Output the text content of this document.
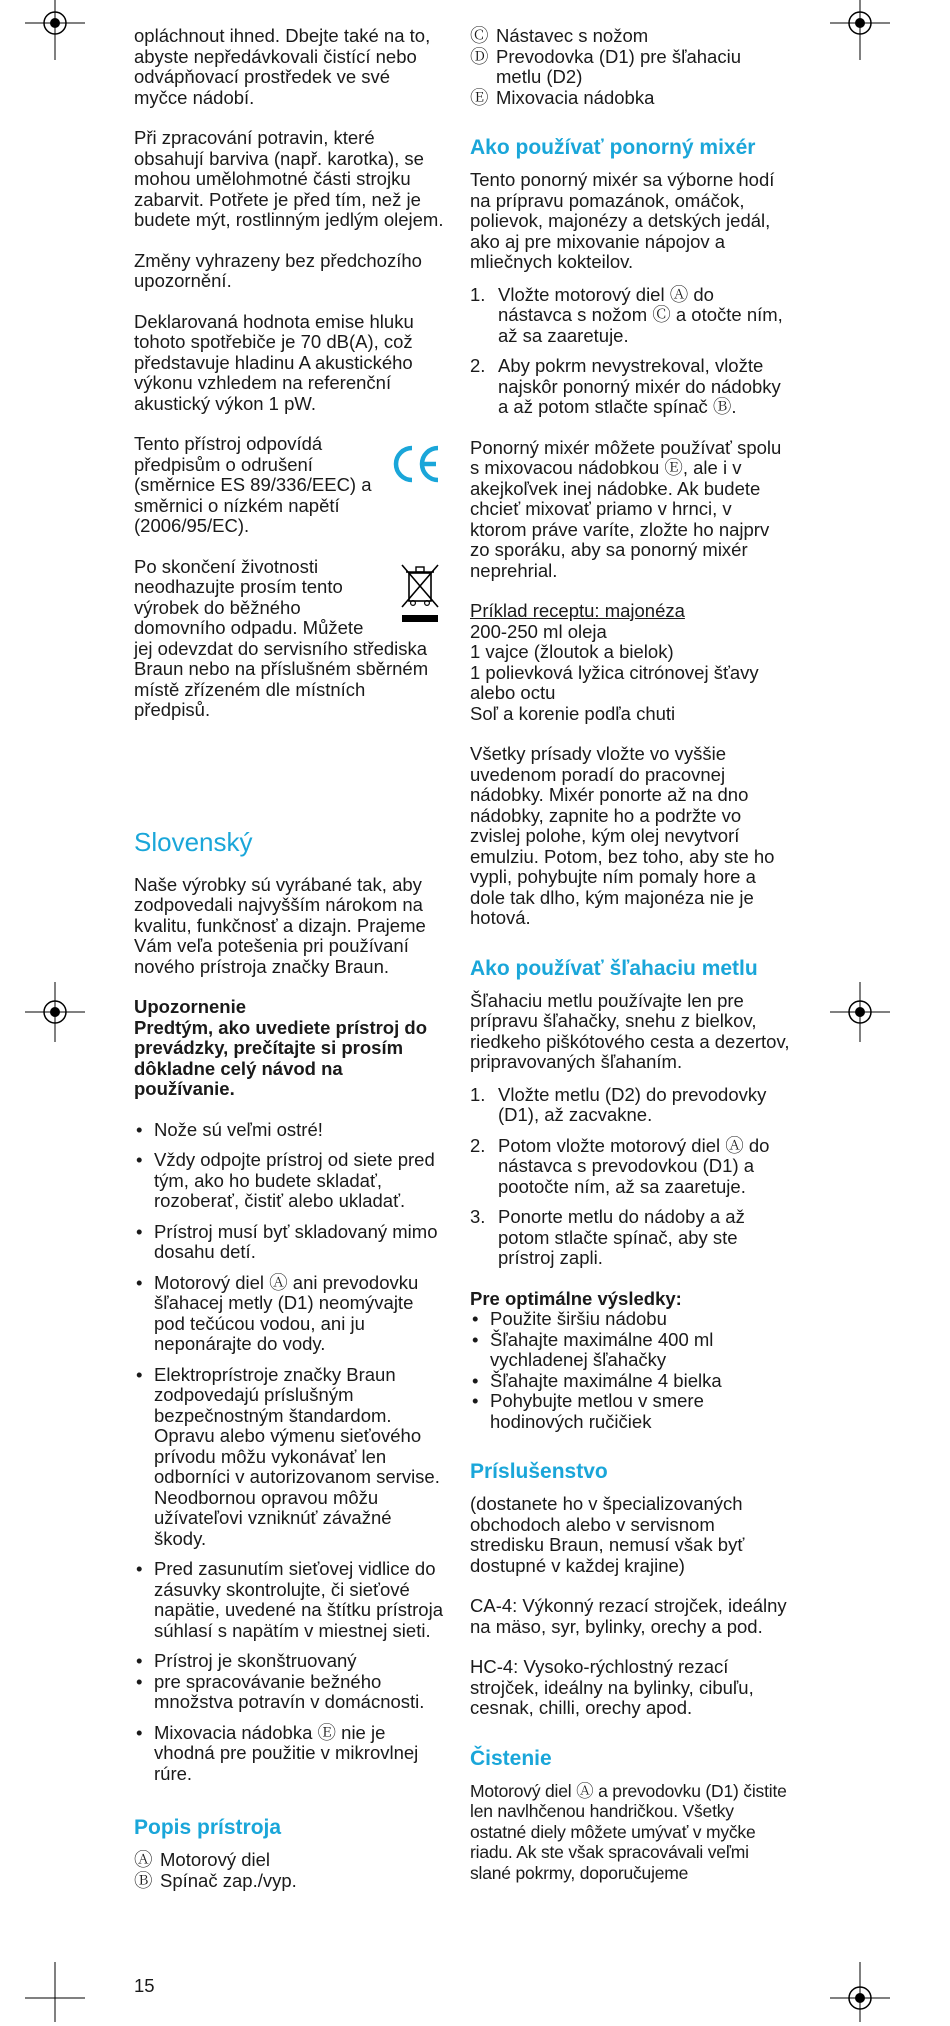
opláchnout ihned. Dbejte také na to, abyste nepředávkovali čistící nebo odvápňovací prostředek ve své myčce nádobí.

Při zpracování potravin, které obsahují barviva (např. karotka), se mohou umělohmotné části strojku zabarvit. Potřete je před tím, než je budete mýt, rostlinným jedlým olejem.

Změny vyhrazeny bez předchozího upozornění.

Deklarovaná hodnota emise hluku tohoto spotřebiče je 70 dB(A), což představuje hladinu A akustického výkonu vzhledem na referenční akustický výkon 1 pW.

Tento přístroj odpovídá předpisům o odrušení (směrnice ES 89/336/EEC) a směrnici o nízkém napětí (2006/95/EC).
Po skončení životnosti neodhazujte prosím tento výrobek do běžného domovního odpadu. Můžete

jej odevzdat do servisního střediska Braun nebo na příslušném sběrném místě zřízeném dle místních předpisů.

Slovenský

Naše výrobky sú vyrábané tak, aby zodpovedali najvyšším nárokom na kvalitu, funkčnosť a dizajn. Prajeme Vám veľa potešenia pri používaní nového prístroja značky Braun.

Upozornenie

Predtým, ako uvediete prístroj do prevádzky, prečítajte si prosím dôkladne celý návod na používanie.

• Nože sú veľmi ostré!
• Vždy odpojte prístroj od siete pred tým, ako ho budete skladať, rozoberať, čistiť alebo ukladať.
• Prístroj musí byť skladovaný mimo dosahu detí.
• Motorový diel Ⓐ ani prevodovku šľahacej metly (D1) neomývajte pod tečúcou vodou, ani ju neponárajte do vody.
• Elektroprístroje značky Braun zodpovedajú príslušným bezpečnostným štandardom. Opravu alebo výmenu sieťového prívodu môžu vykonávať len odborníci v autorizovanom servise. Neodbornou opravou môžu užívateľovi vzniknúť závažné škody.
• Pred zasunutím sieťovej vidlice do zásuvky skontrolujte, či sieťové napätie, uvedené na štítku prístroja súhlasí s napätím v miestnej sieti.
• Prístroj je skonštruovaný
• pre spracovávanie bežného množstva potravín v domácnosti.
• Mixovacia nádobka Ⓔ nie je vhodná pre použitie v mikrovlnej rúre.
Popis prístroja
Ⓐ Motorový diel
Ⓑ Spínač zap./vyp.
Ⓒ Nástavec s nožom
Ⓓ Prevodovka (D1) pre šľahaciu metlu (D2)
Ⓔ Mixovacia nádobka
Ako používať ponorný mixér

Tento ponorný mixér sa výborne hodí na prípravu pomazánok, omáčok, polievok, majonézy a detských jedál, ako aj pre mixovanie nápojov a mliečnych kokteilov.

1. Vložte motorový diel Ⓐ do nástavca s nožom Ⓒ a otočte ním, až sa zaaretuje.
2. Aby pokrm nevystrekoval, vložte najskôr ponorný mixér do nádobky a až potom stlačte spínač Ⓑ.

Ponorný mixér môžete používať spolu s mixovacou nádobkou Ⓔ, ale i v akejkoľvek inej nádobke. Ak budete chcieť mixovať priamo v hrnci, v ktorom práve varíte, zložte ho najprv zo sporáku, aby sa ponorný mixér neprehrial.

Príklad receptu: majonéza
200-250 ml oleja
1 vajce (žloutok a bielok)
1 polievková lyžica citrónovej šťavy alebo octu
Soľ a korenie podľa chuti

Všetky prísady vložte vo vyššie uvedenom poradí do pracovnej nádobky. Mixér ponorte až na dno nádobky, zapnite ho a podržte vo zvislej polohe, kým olej nevytvorí emulziu. Potom, bez toho, aby ste ho vypli, pohybujte ním pomaly hore a dole tak dlho, kým majonéza nie je hotová.

Ako používať šľahaciu metlu

Šľahaciu metlu používajte len pre prípravu šľahačky, snehu z bielkov, riedkeho piškótového cesta a dezertov, pripravovaných šľahaním.

1. Vložte metlu (D2) do prevodovky (D1), až zacvakne.
2. Potom vložte motorový diel Ⓐ do nástavca s prevodovkou (D1) a pootočte ním, až sa zaaretuje.
3. Ponorte metlu do nádoby a až potom stlačte spínač, aby ste prístroj zapli.
Pre optimálne výsledky:
• Použite širšiu nádobu
• Šľahajte maximálne 400 ml vychladenej šľahačky
• Šľahajte maximálne 4 bielka
• Pohybujte metlou v smere hodinových ručičiek
Príslušenstvo

(dostanete ho v špecializovaných obchodoch alebo v servisnom stredisku Braun, nemusí však byť dostupné v každej krajine)

CA-4: Výkonný rezací strojček, ideálny na mäso, syr, bylinky, orechy a pod.

HC-4: Vysoko-rýchlostný rezací strojček, ideálny na bylinky, cibuľu, cesnak, chilli, orechy apod.

Čistenie

Motorový diel Ⓐ a prevodovku (D1) čistite len navlhčenou handričkou. Všetky ostatné diely môžete umývať v myčke riadu. Ak ste však spracovávali veľmi slané pokrmy, doporučujeme

15
